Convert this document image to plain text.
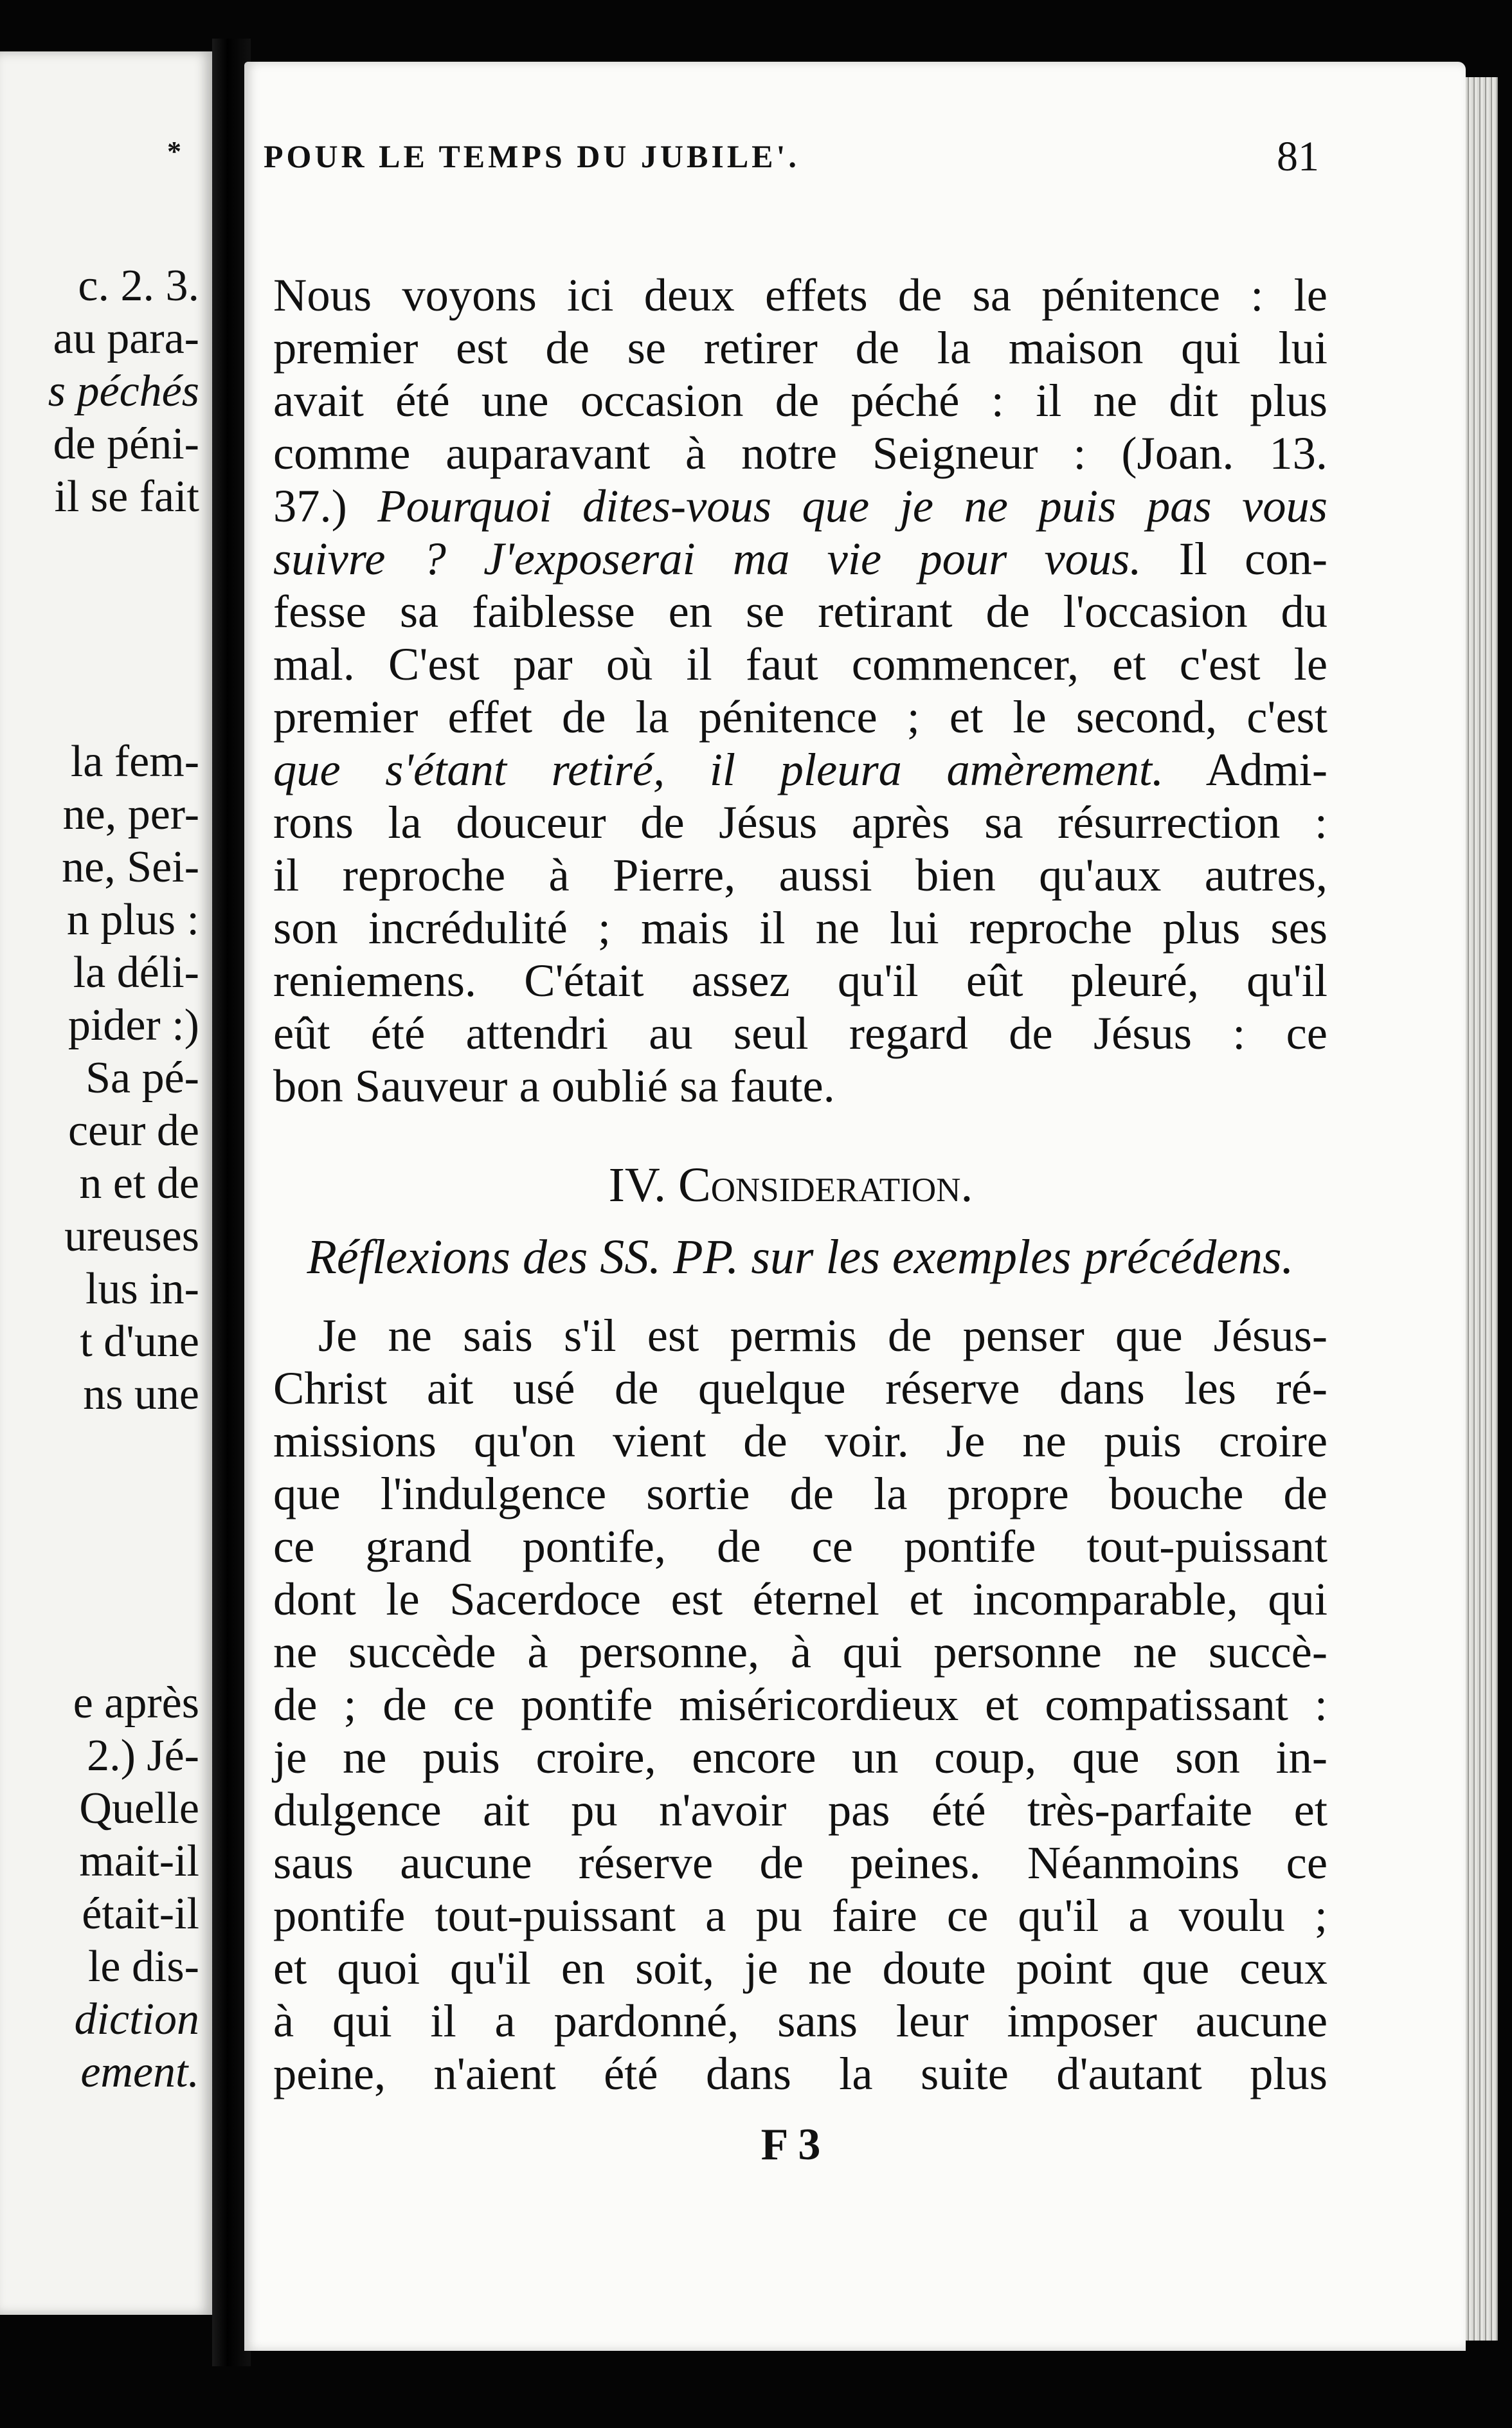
c. 2. 3.
au para-
s péchés
de péni-
il se fait
la fem-
ne, per-
ne, Sei-
n plus :
la déli-
pider :)
Sa pé-
ceur de
n et de
ureuses
lus in-
t d'une
ns une
e après
2.) Jé-
Quelle
mait-il
était-il
le dis-
diction
ement.
* POUR LE TEMPS DU JUBILE'.	81
Nous voyons ici deux effets de sa pénitence : le
premier est de se retirer de la maison qui lui
avait été une occasion de péché : il ne dit plus
comme auparavant à notre Seigneur : (Joan. 13.
37.) Pourquoi dites-vous que je ne puis pas vous
suivre ? J'exposerai ma vie pour vous. Il con-
fesse sa faiblesse en se retirant de l'occasion du
mal. C'est par où il faut commencer, et c'est le
premier effet de la pénitence ; et le second, c'est
que s'étant retiré, il pleura amèrement. Admi-
rons la douceur de Jésus après sa résurrection :
il reproche à Pierre, aussi bien qu'aux autres,
son incrédulité ; mais il ne lui reproche plus ses
reniemens. C'était assez qu'il eût pleuré, qu'il
eût été attendri au seul regard de Jésus : ce
bon Sauveur a oublié sa faute.
IV. Consideration.
Réflexions des SS. PP. sur les exemples précédens.
Je ne sais s'il est permis de penser que Jésus-
Christ ait usé de quelque réserve dans les ré-
missions qu'on vient de voir. Je ne puis croire
que l'indulgence sortie de la propre bouche de
ce grand pontife, de ce pontife tout-puissant
dont le Sacerdoce est éternel et incomparable, qui
ne succède à personne, à qui personne ne succè-
de ; de ce pontife miséricordieux et compatissant :
je ne puis croire, encore un coup, que son in-
dulgence ait pu n'avoir pas été très-parfaite et
saus aucune réserve de peines. Néanmoins ce
pontife tout-puissant a pu faire ce qu'il a voulu ;
et quoi qu'il en soit, je ne doute point que ceux
à qui il a pardonné, sans leur imposer aucune
peine, n'aient été dans la suite d'autant plus
F 3
